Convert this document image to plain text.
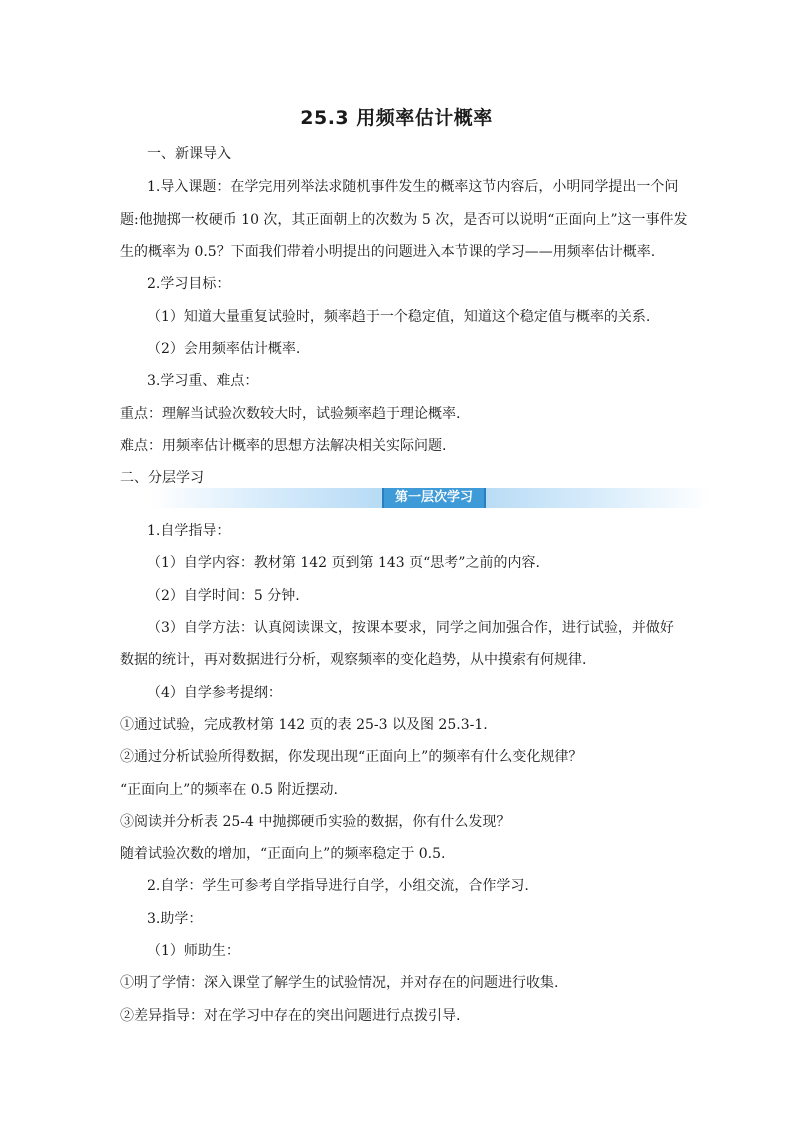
25.3 用频率估计概率
一、新课导入
1.导入课题：在学完用列举法求随机事件发生的概率这节内容后，小明同学提出一个问
题:他抛掷一枚硬币 10 次，其正面朝上的次数为 5 次，是否可以说明“正面向上”这一事件发
生的概率为 0.5？下面我们带着小明提出的问题进入本节课的学习——用频率估计概率.
2.学习目标：
（1）知道大量重复试验时，频率趋于一个稳定值，知道这个稳定值与概率的关系.
（2）会用频率估计概率.
3.学习重、难点：
重点：理解当试验次数较大时，试验频率趋于理论概率.
难点：用频率估计概率的思想方法解决相关实际问题.
二、分层学习
第一层次学习
1.自学指导：
（1）自学内容：教材第 142 页到第 143 页“思考”之前的内容.
（2）自学时间：5 分钟.
（3）自学方法：认真阅读课文，按课本要求，同学之间加强合作，进行试验，并做好
数据的统计，再对数据进行分析，观察频率的变化趋势，从中摸索有何规律.
（4）自学参考提纲：
①通过试验，完成教材第 142 页的表 25-3 以及图 25.3-1.
②通过分析试验所得数据，你发现出现“正面向上”的频率有什么变化规律？
“正面向上”的频率在 0.5 附近摆动.
③阅读并分析表 25-4 中抛掷硬币实验的数据，你有什么发现？
随着试验次数的增加，“正面向上”的频率稳定于 0.5.
2.自学：学生可参考自学指导进行自学，小组交流，合作学习.
3.助学：
（1）师助生：
①明了学情：深入课堂了解学生的试验情况，并对存在的问题进行收集.
②差异指导：对在学习中存在的突出问题进行点拨引导.
